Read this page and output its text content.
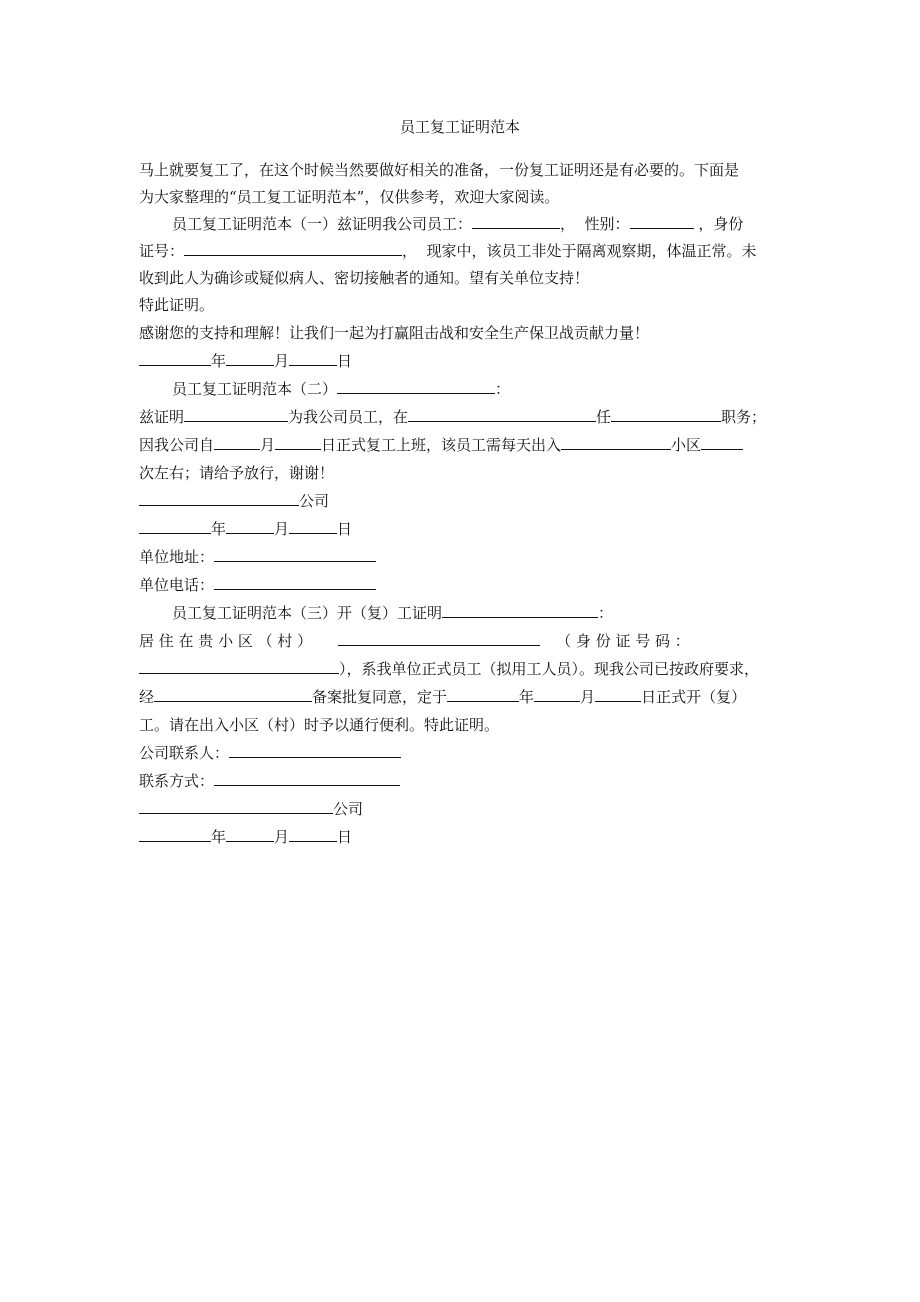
员工复工证明范本
马上就要复工了，在这个时候当然要做好相关的准备，一份复工证明还是有必要的。下面是
为大家整理的“员工复工证明范本”，仅供参考，欢迎大家阅读。
员工复工证明范本（一）兹证明我公司员工：	，  性别：	，身份
证号：	，  现家中，该员工非处于隔离观察期，体温正常。未
收到此人为确诊或疑似病人、密切接触者的通知。望有关单位支持！
特此证明。
感谢您的支持和理解！让我们一起为打赢阻击战和安全生产保卫战贡献力量！
年	月	日
员工复工证明范本（二）	：
兹证明	为我公司员工，在	任	职务；
因我公司自	月	日正式复工上班，该员工需每天出入	小区
次左右；请给予放行，谢谢！
公司
年	月	日
单位地址：
单位电话：
员工复工证明范本（三）开（复）工证明	：
居 住 在 贵 小 区 （ 村 ）	（ 身 份 证 号 码 ：
），系我单位正式员工（拟用工人员）。现我公司已按政府要求，
经	备案批复同意，定于	年	月	日正式开（复）
工。请在出入小区（村）时予以通行便利。特此证明。
公司联系人：
联系方式：
公司
年	月	日
